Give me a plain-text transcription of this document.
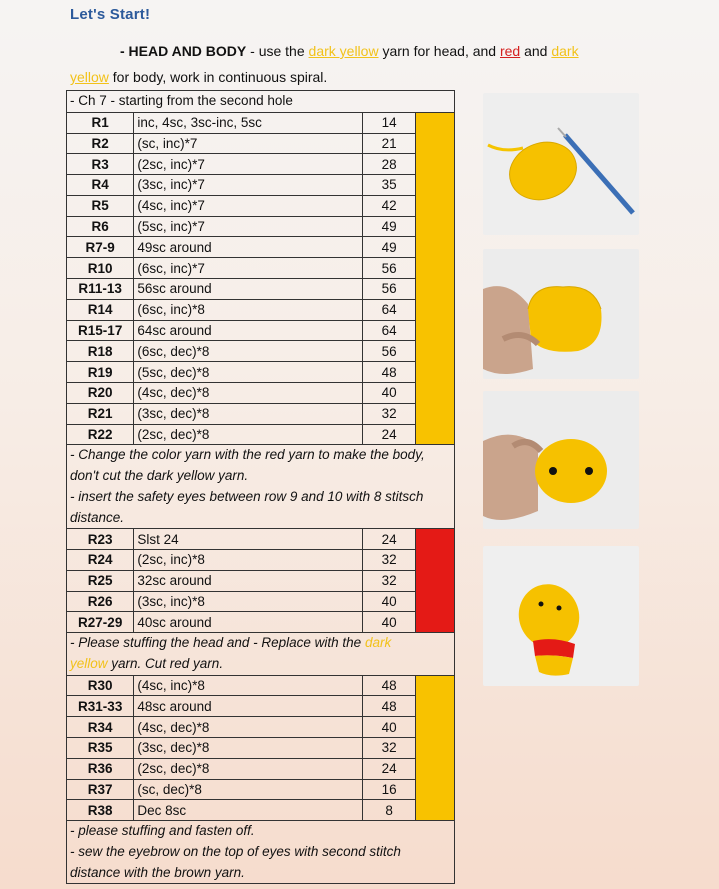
Let's Start!
- HEAD AND BODY - use the dark yellow yarn for head, and red and dark
yellow for body, work in continuous spiral.
- Ch 7 - starting from the second hole			
R1	inc, 4sc, 3sc-inc, 5sc	14	
R2	(sc, inc)*7	21	
R3	(2sc, inc)*7	28	
R4	(3sc, inc)*7	35	
R5	(4sc, inc)*7	42	
R6	(5sc, inc)*7	49	
R7-9	49sc around	49	
R10	(6sc, inc)*7	56	
R11-13	56sc around	56	
R14	(6sc, inc)*8	64	
R15-17	64sc around	64	
R18	(6sc, dec)*8	56	
R19	(5sc, dec)*8	48	
R20	(4sc, dec)*8	40	
R21	(3sc, dec)*8	32	
R22	(2sc, dec)*8	24	
- Change the color yarn with the red yarn to make the body, don't cut the dark yellow yarn.
- insert the safety eyes between row 9 and 10 with 8 stitsch distance.			
R23	Slst 24	24	
R24	(2sc, inc)*8	32	
R25	32sc around	32	
R26	(3sc, inc)*8	40	
R27-29	40sc around	40	
- Please stuffing the head and - Replace with the dark
yellow yarn. Cut red yarn.			
R30	(4sc, inc)*8	48	
R31-33	48sc around	48	
R34	(4sc, dec)*8	40	
R35	(3sc, dec)*8	32	
R36	(2sc, dec)*8	24	
R37	(sc, dec)*8	16	
R38	Dec 8sc	8	
- please stuffing and fasten off.
- sew the eyebrow on the top of eyes with second stitch distance with the brown yarn.			
